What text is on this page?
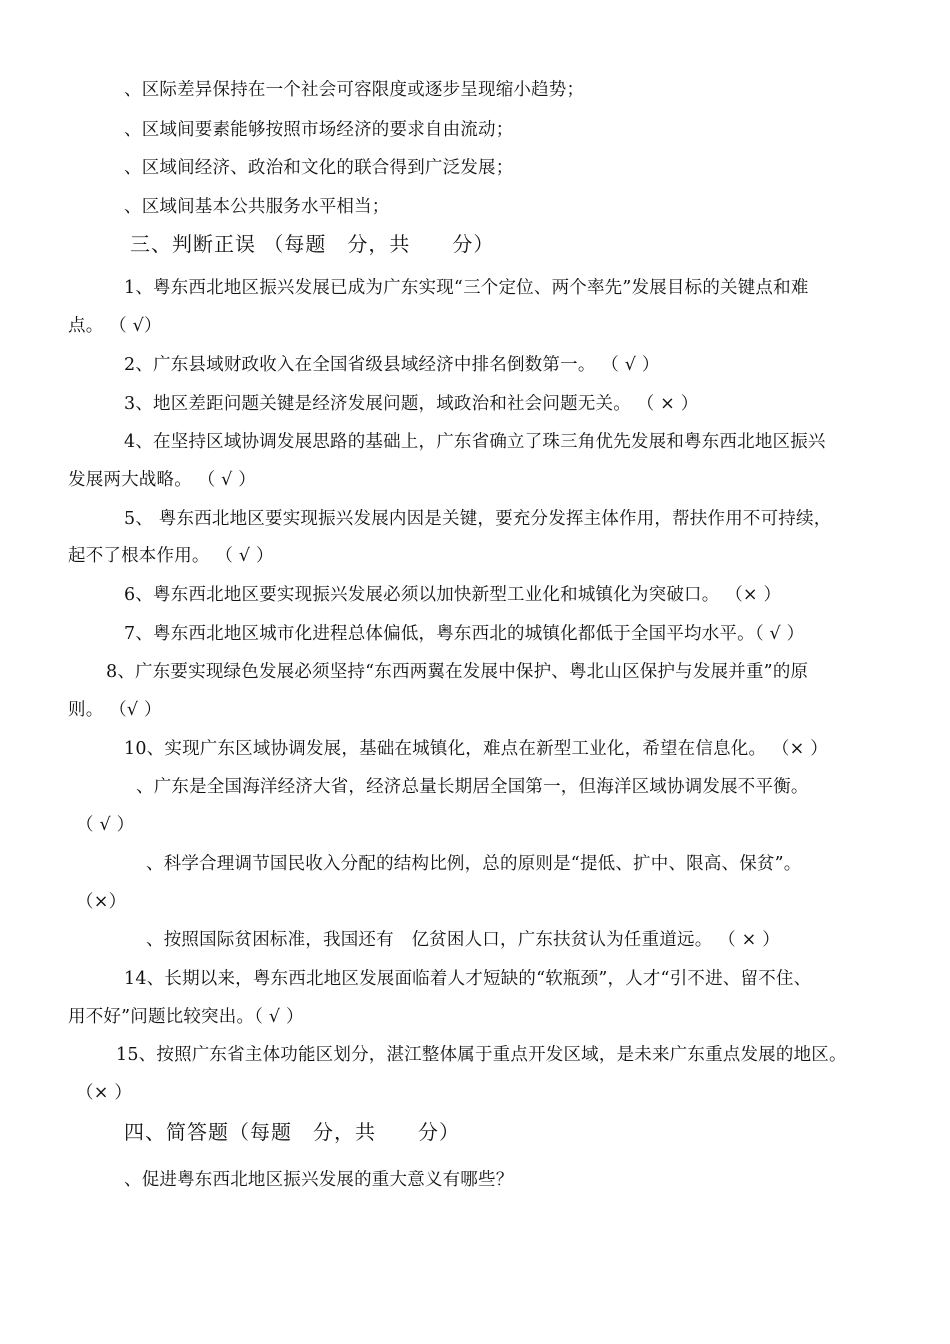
、区际差异保持在一个社会可容限度或逐步呈现缩小趋势；
、区域间要素能够按照市场经济的要求自由流动；
、区域间经济、政治和文化的联合得到广泛发展；
、区域间基本公共服务水平相当；
三、判断正误 （每题　分，共　　分）
1、粤东西北地区振兴发展已成为广东实现“三个定位、两个率先”发展目标的关键点和难
点。 （ √）
2、广东县域财政收入在全国省级县域经济中排名倒数第一。 （ √ ）
3、地区差距问题关键是经济发展问题，域政治和社会问题无关。 （ × ）
4、在坚持区域协调发展思路的基础上，广东省确立了珠三角优先发展和粤东西北地区振兴
发展两大战略。 （ √ ）
5、 粤东西北地区要实现振兴发展内因是关键，要充分发挥主体作用，帮扶作用不可持续，
起不了根本作用。 （ √ ）
6、粤东西北地区要实现振兴发展必须以加快新型工业化和城镇化为突破口。 （× ）
7、粤东西北地区城市化进程总体偏低，粤东西北的城镇化都低于全国平均水平。（ √ ）
8、广东要实现绿色发展必须坚持“东西两翼在发展中保护、粤北山区保护与发展并重”的原
则。 （√ ）
10、实现广东区域协调发展，基础在城镇化，难点在新型工业化，希望在信息化。 （× ）
、广东是全国海洋经济大省，经济总量长期居全国第一，但海洋区域协调发展不平衡。
（ √ ）
、科学合理调节国民收入分配的结构比例，总的原则是“提低、扩中、限高、保贫”。
（×）
、按照国际贫困标准，我国还有　亿贫困人口，广东扶贫认为任重道远。 （ × ）
14、长期以来，粤东西北地区发展面临着人才短缺的“软瓶颈”，人才“引不进、留不住、
用不好”问题比较突出。（ √ ）
15、按照广东省主体功能区划分，湛江整体属于重点开发区域，是未来广东重点发展的地区。
（× ）
四、简答题（每题　分，共　　分）
、促进粤东西北地区振兴发展的重大意义有哪些？
